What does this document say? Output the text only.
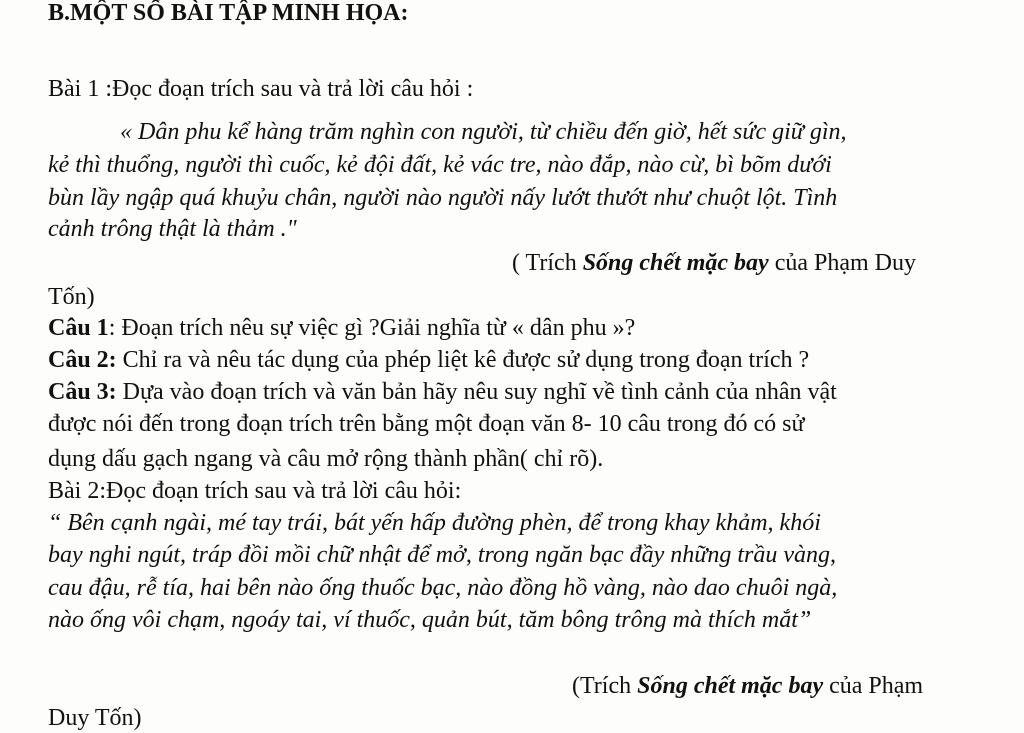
B.MỘT SỐ BÀI TẬP MINH HỌA:
Bài 1 :Đọc đoạn trích sau và trả lời câu hỏi :
« Dân phu kể hàng trăm nghìn con người, từ chiều đến giờ, hết sức giữ gìn,
kẻ thì thuổng, người thì cuốc, kẻ đội đất, kẻ vác tre, nào đắp, nào cừ, bì bõm dưới
bùn lầy ngập quá khuỷu chân, người nào người nấy lướt thướt như chuột lột. Tình
cảnh trông thật là thảm ."
( Trích Sống chết mặc bay của Phạm Duy
Tốn)
Câu 1: Đoạn trích nêu sự việc gì ?Giải nghĩa từ « dân phu »?
Câu 2: Chỉ ra và nêu tác dụng của phép liệt kê được sử dụng trong đoạn trích ?
Câu 3: Dựa vào đoạn trích và văn bản hãy nêu suy nghĩ về tình cảnh của nhân vật
được nói đến trong đoạn trích trên bằng một đoạn văn 8- 10 câu trong đó có sử
dụng dấu gạch ngang và câu mở rộng thành phần( chỉ rõ).
Bài 2:Đọc đoạn trích sau và trả lời câu hỏi:
“ Bên cạnh ngài, mé tay trái, bát yến hấp đường phèn, để trong khay khảm, khói
bay nghi ngút, tráp đồi mồi chữ nhật để mở, trong ngăn bạc đầy những trầu vàng,
cau đậu, rễ tía, hai bên nào ống thuốc bạc, nào đồng hồ vàng, nào dao chuôi ngà,
nào ống vôi chạm, ngoáy tai, ví thuốc, quản bút, tăm bông trông mà thích mắt”
(Trích Sống chết mặc bay của Phạm
Duy Tốn)
